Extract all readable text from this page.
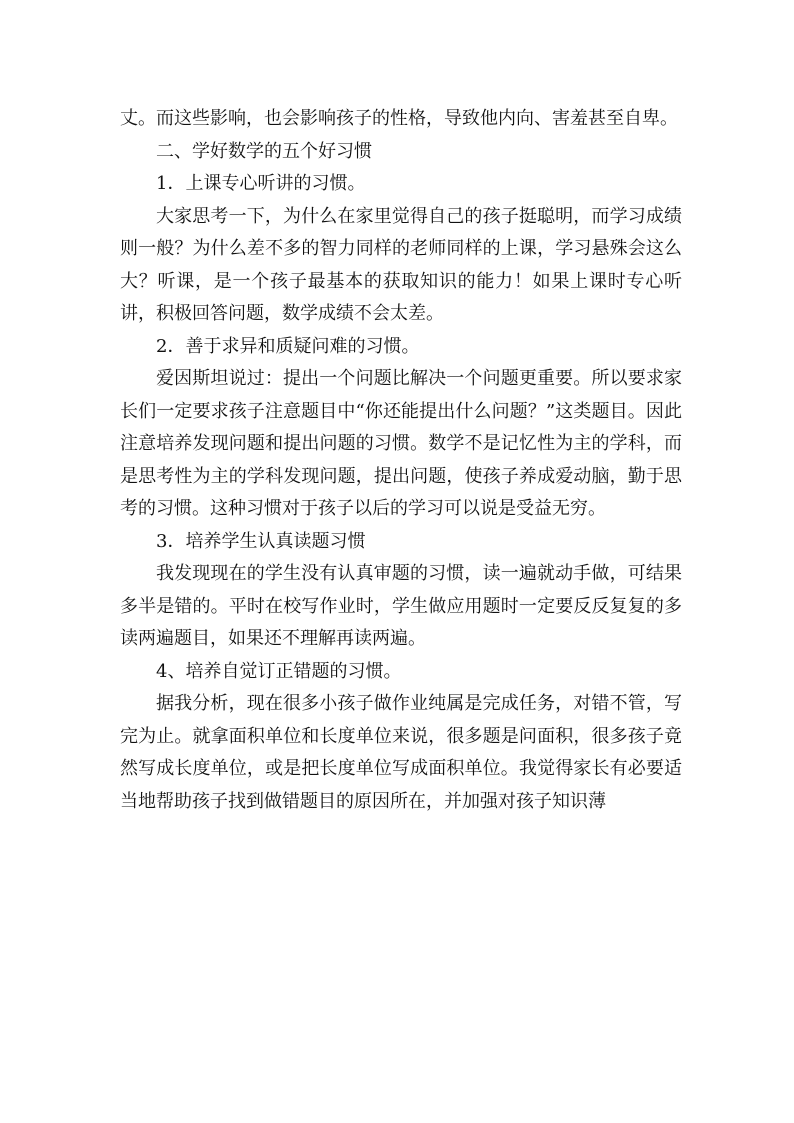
丈。而这些影响，也会影响孩子的性格，导致他内向、害羞甚至自卑。

二、学好数学的五个好习惯

1．上课专心听讲的习惯。

大家思考一下，为什么在家里觉得自己的孩子挺聪明，而学习成绩则一般？为什么差不多的智力同样的老师同样的上课，学习悬殊会这么大？听课，是一个孩子最基本的获取知识的能力！如果上课时专心听讲，积极回答问题，数学成绩不会太差。

2．善于求异和质疑问难的习惯。

爱因斯坦说过：提出一个问题比解决一个问题更重要。所以要求家长们一定要求孩子注意题目中“你还能提出什么问题？”这类题目。因此注意培养发现问题和提出问题的习惯。数学不是记忆性为主的学科，而是思考性为主的学科发现问题，提出问题，使孩子养成爱动脑，勤于思考的习惯。这种习惯对于孩子以后的学习可以说是受益无穷。

3．培养学生认真读题习惯

我发现现在的学生没有认真审题的习惯，读一遍就动手做，可结果多半是错的。平时在校写作业时，学生做应用题时一定要反反复复的多读两遍题目，如果还不理解再读两遍。

4、培养自觉订正错题的习惯。

据我分析，现在很多小孩子做作业纯属是完成任务，对错不管，写完为止。就拿面积单位和长度单位来说，很多题是问面积，很多孩子竟然写成长度单位，或是把长度单位写成面积单位。我觉得家长有必要适当地帮助孩子找到做错题目的原因所在，并加强对孩子知识薄
